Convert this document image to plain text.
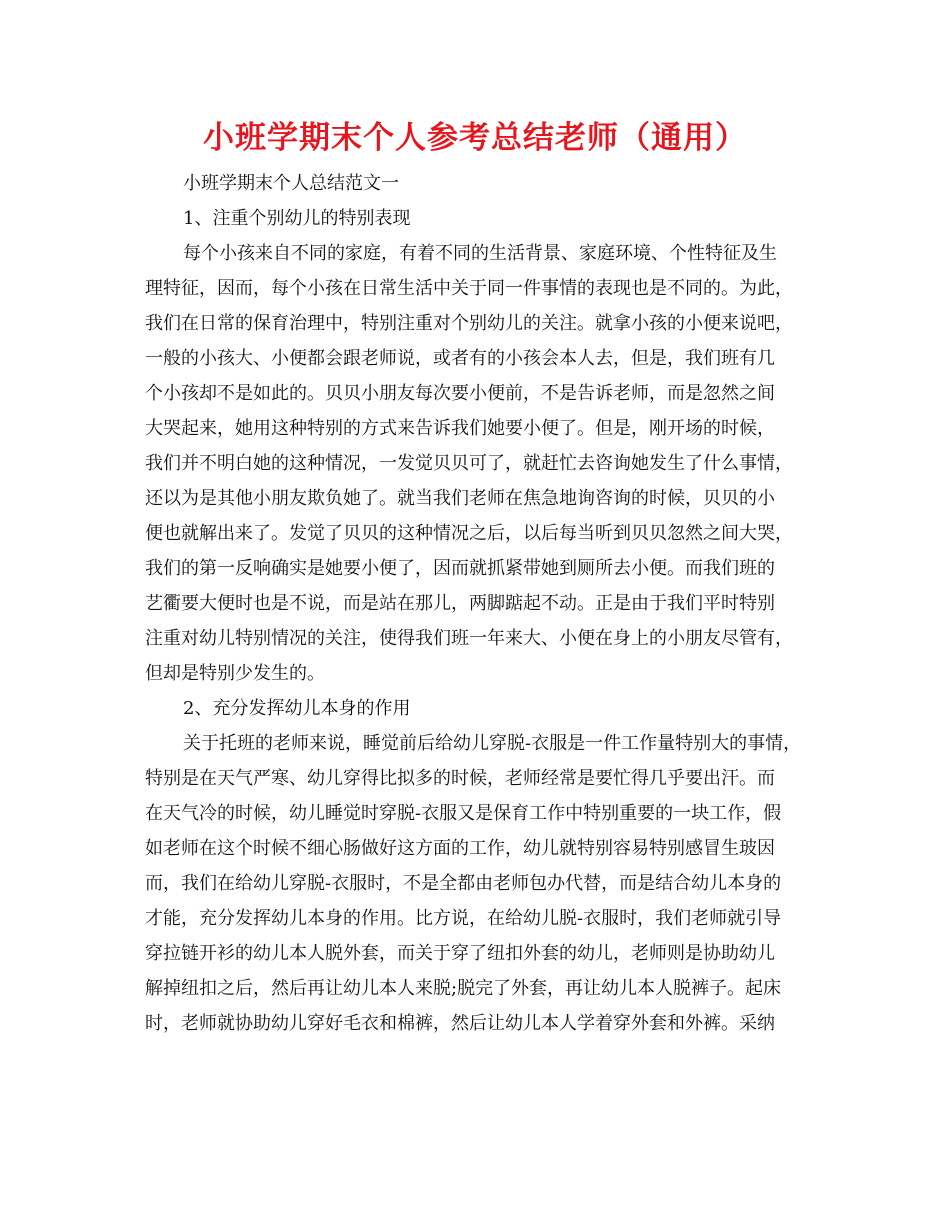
小班学期末个人参考总结老师（通用）
小班学期末个人总结范文一
1、注重个别幼儿的特别表现
每个小孩来自不同的家庭，有着不同的生活背景、家庭环境、个性特征及生
理特征，因而，每个小孩在日常生活中关于同一件事情的表现也是不同的。为此，
我们在日常的保育治理中，特别注重对个别幼儿的关注。就拿小孩的小便来说吧，
一般的小孩大、小便都会跟老师说，或者有的小孩会本人去，但是，我们班有几
个小孩却不是如此的。贝贝小朋友每次要小便前，不是告诉老师，而是忽然之间
大哭起来，她用这种特别的方式来告诉我们她要小便了。但是，刚开场的时候，
我们并不明白她的这种情况，一发觉贝贝可了，就赶忙去咨询她发生了什么事情，
还以为是其他小朋友欺负她了。就当我们老师在焦急地询咨询的时候，贝贝的小
便也就解出来了。发觉了贝贝的这种情况之后，以后每当听到贝贝忽然之间大哭，
我们的第一反响确实是她要小便了，因而就抓紧带她到厕所去小便。而我们班的
艺衢要大便时也是不说，而是站在那儿，两脚踮起不动。正是由于我们平时特别
注重对幼儿特别情况的关注，使得我们班一年来大、小便在身上的小朋友尽管有，
但却是特别少发生的。
2、充分发挥幼儿本身的作用
关于托班的老师来说，睡觉前后给幼儿穿脱-衣服是一件工作量特别大的事情，
特别是在天气严寒、幼儿穿得比拟多的时候，老师经常是要忙得几乎要出汗。而
在天气冷的时候，幼儿睡觉时穿脱-衣服又是保育工作中特别重要的一块工作，假
如老师在这个时候不细心肠做好这方面的工作，幼儿就特别容易特别感冒生玻因
而，我们在给幼儿穿脱-衣服时，不是全都由老师包办代替，而是结合幼儿本身的
才能，充分发挥幼儿本身的作用。比方说，在给幼儿脱-衣服时，我们老师就引导
穿拉链开衫的幼儿本人脱外套，而关于穿了纽扣外套的幼儿，老师则是协助幼儿
解掉纽扣之后，然后再让幼儿本人来脱;脱完了外套，再让幼儿本人脱裤子。起床
时，老师就协助幼儿穿好毛衣和棉裤，然后让幼儿本人学着穿外套和外裤。采纳
